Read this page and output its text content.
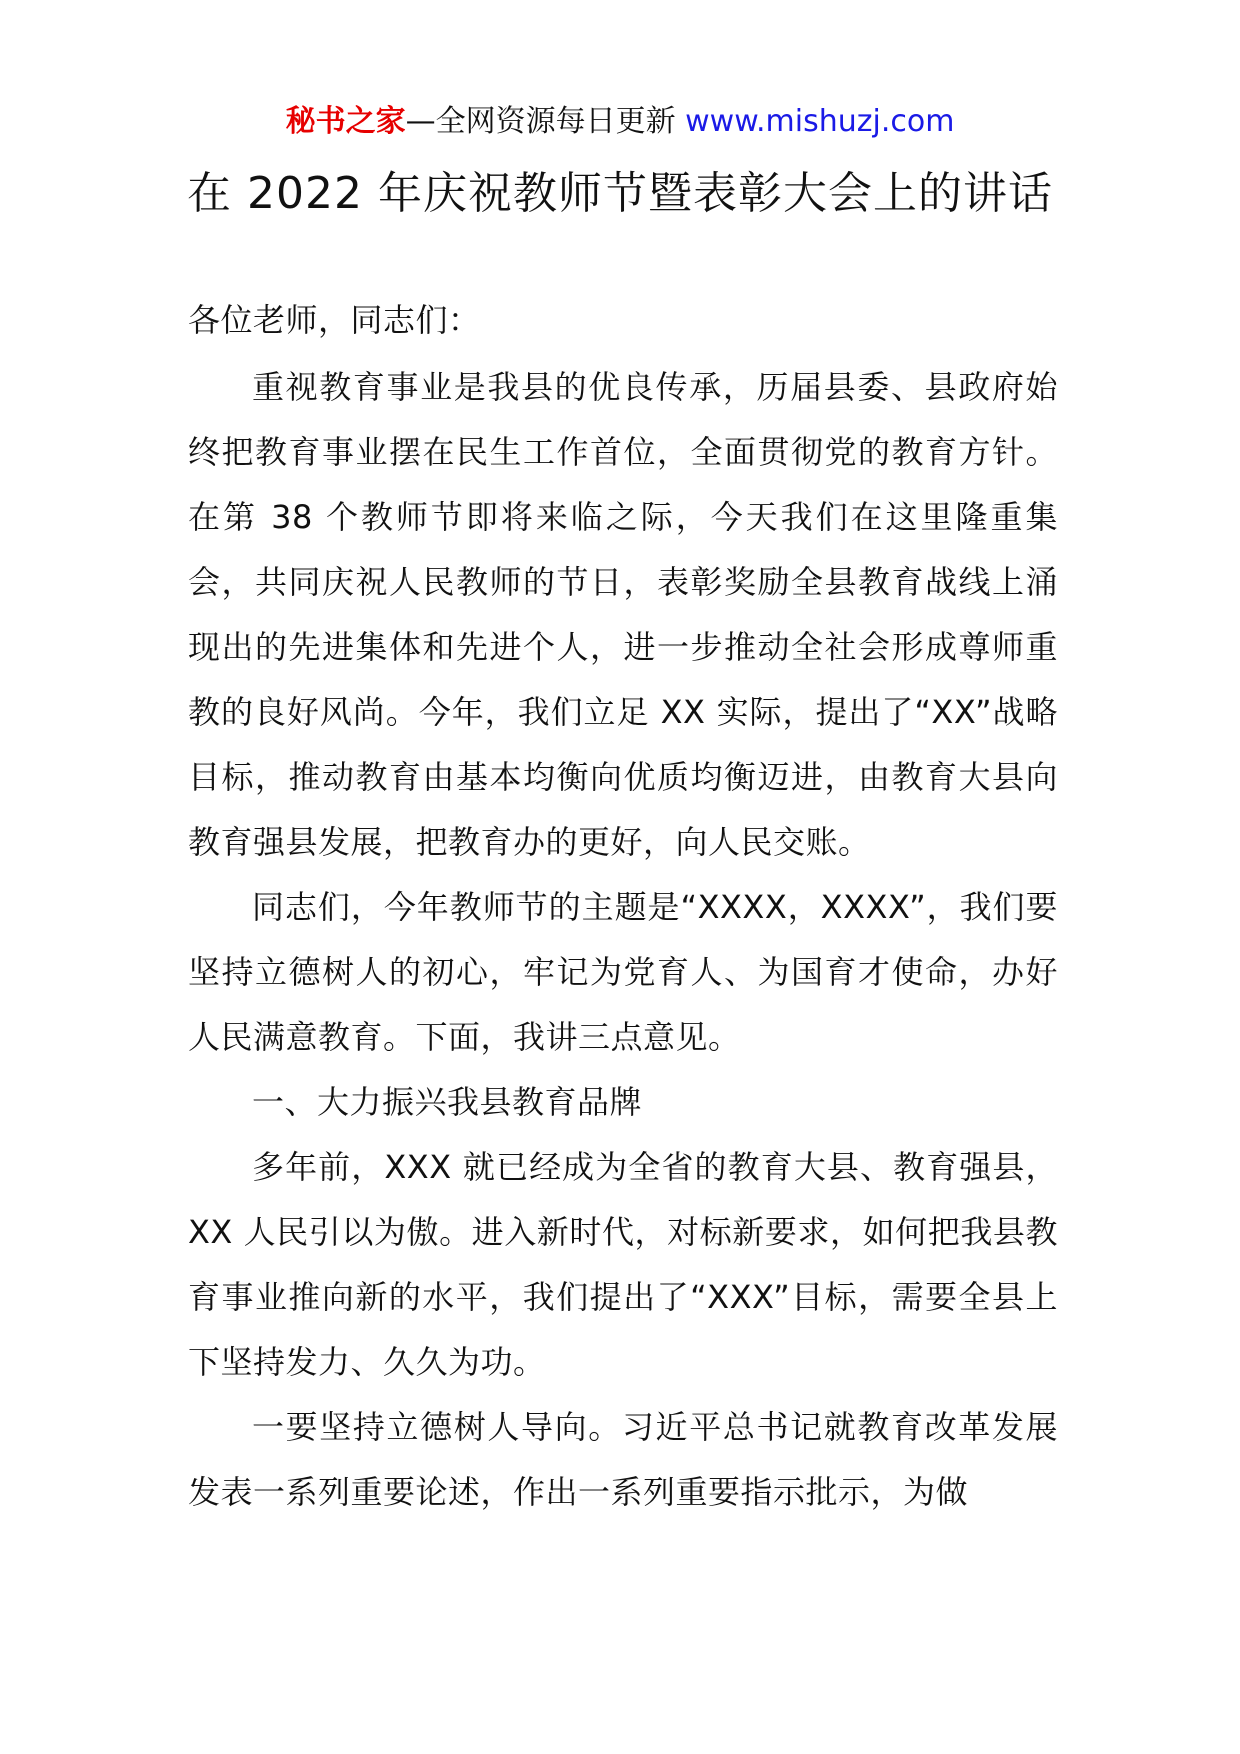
秘书之家—全网资源每日更新 www.mishuzj.com
在 2022 年庆祝教师节暨表彰大会上的讲话

各位老师，同志们：

重视教育事业是我县的优良传承，历届县委、县政府始终把教育事业摆在民生工作首位，全面贯彻党的教育方针。在第 38 个教师节即将来临之际，今天我们在这里隆重集会，共同庆祝人民教师的节日，表彰奖励全县教育战线上涌现出的先进集体和先进个人，进一步推动全社会形成尊师重教的良好风尚。今年，我们立足 XX 实际，提出了“XX”战略目标，推动教育由基本均衡向优质均衡迈进，由教育大县向教育强县发展，把教育办的更好，向人民交账。

同志们，今年教师节的主题是“XXXX，XXXX”，我们要坚持立德树人的初心，牢记为党育人、为国育才使命，办好人民满意教育。下面，我讲三点意见。

一、大力振兴我县教育品牌

多年前，XXX 就已经成为全省的教育大县、教育强县，XX 人民引以为傲。进入新时代，对标新要求，如何把我县教育事业推向新的水平，我们提出了“XXX”目标，需要全县上下坚持发力、久久为功。

一要坚持立德树人导向。习近平总书记就教育改革发展发表一系列重要论述，作出一系列重要指示批示，为做
